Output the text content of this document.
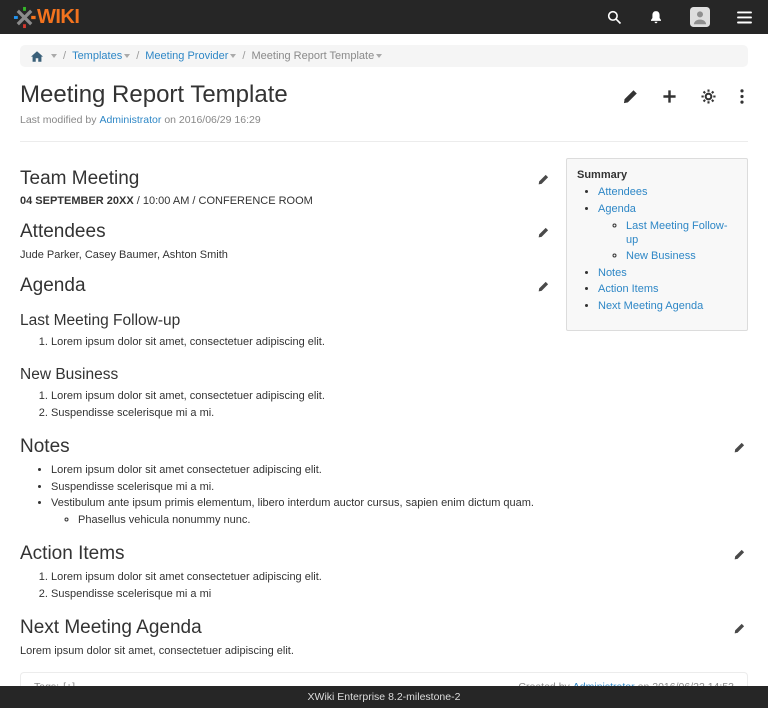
WIKI
/ Templates	/ Meeting Provider	/ Meeting Report Template
Meeting Report Template

Last modified by Administrator on 2016/06/29 16:29

Summary

• Attendees
• Agenda
◦ Last Meeting Follow-up
◦ New Business
• Notes
• Action Items
• Next Meeting Agenda
Team Meeting

04 SEPTEMBER 20XX / 10:00 AM / CONFERENCE ROOM

Attendees

Jude Parker, Casey Baumer, Ashton Smith

Agenda
Last Meeting Follow-up
1. Lorem ipsum dolor sit amet, consectetuer adipiscing elit.
New Business
1. Lorem ipsum dolor sit amet, consectetuer adipiscing elit.
2. Suspendisse scelerisque mi a mi.
Notes
• Lorem ipsum dolor sit amet consectetuer adipiscing elit.
• Suspendisse scelerisque mi a mi.
• Vestibulum ante ipsum primis elementum, libero interdum auctor cursus, sapien enim dictum quam.
◦ Phasellus vehicula nonummy nunc.
Action Items
1. Lorem ipsum dolor sit amet consectetuer adipiscing elit.
2. Suspendisse scelerisque mi a mi
Next Meeting Agenda

Lorem ipsum dolor sit amet, consectetuer adipiscing elit.

XWiki Enterprise 8.2-milestone-2
